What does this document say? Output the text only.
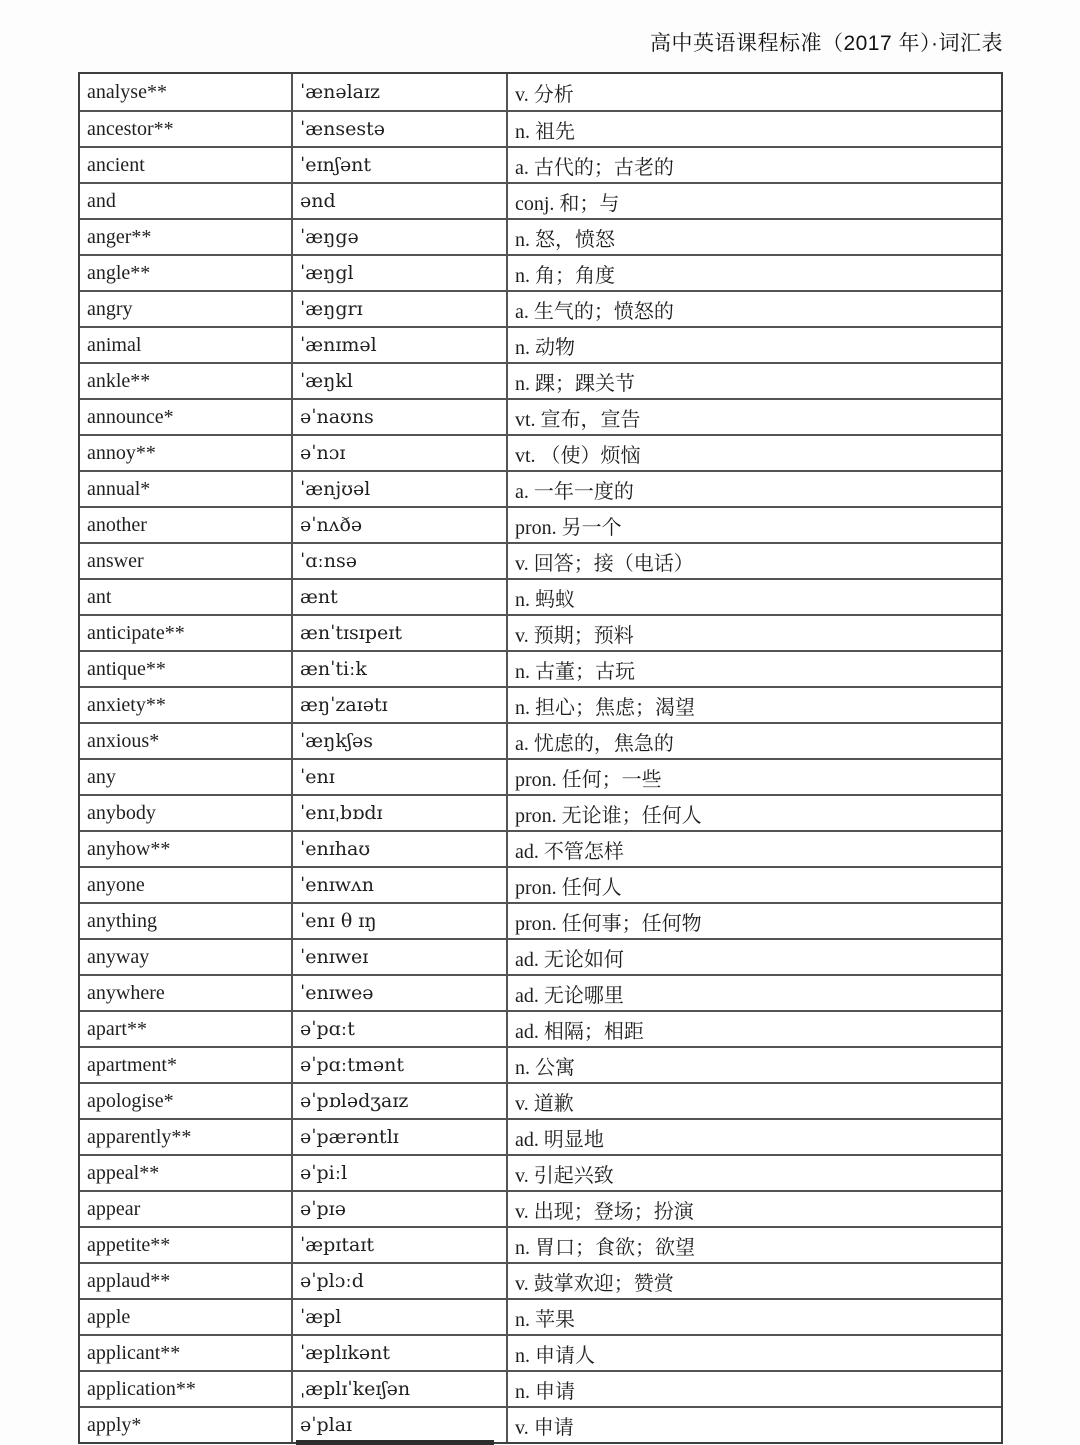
高中英语课程标准（2017 年）·词汇表
analyse**	ˈænəlaɪz	v. 分析
ancestor**	ˈænsestə	n. 祖先
ancient	ˈeɪnʃənt	a. 古代的；古老的
and	ənd	conj. 和；与
anger**	ˈæŋgə	n. 怒，愤怒
angle**	ˈæŋgl	n. 角；角度
angry	ˈæŋgrɪ	a. 生气的；愤怒的
animal	ˈænɪməl	n. 动物
ankle**	ˈæŋkl	n. 踝；踝关节
announce*	əˈnaʊns	vt. 宣布，宣告
annoy**	əˈnɔɪ	vt. （使）烦恼
annual*	ˈænjʊəl	a. 一年一度的
another	əˈnʌðə	pron. 另一个
answer	ˈɑːnsə	v. 回答；接（电话）
ant	ænt	n. 蚂蚁
anticipate**	ænˈtɪsɪpeɪt	v. 预期；预料
antique**	ænˈtiːk	n. 古董；古玩
anxiety**	æŋˈzaɪətɪ	n. 担心；焦虑；渴望
anxious*	ˈæŋkʃəs	a. 忧虑的，焦急的
any	ˈenɪ	pron. 任何；一些
anybody	ˈenɪˌbɒdɪ	pron. 无论谁；任何人
anyhow**	ˈenɪhaʊ	ad. 不管怎样
anyone	ˈenɪwʌn	pron. 任何人
anything	ˈenɪ θ ɪŋ	pron. 任何事；任何物
anyway	ˈenɪweɪ	ad. 无论如何
anywhere	ˈenɪweə	ad. 无论哪里
apart**	əˈpɑːt	ad. 相隔；相距
apartment*	əˈpɑːtmənt	n. 公寓
apologise*	əˈpɒlədʒaɪz	v. 道歉
apparently**	əˈpærəntlɪ	ad. 明显地
appeal**	əˈpiːl	v. 引起兴致
appear	əˈpɪə	v. 出现；登场；扮演
appetite**	ˈæpɪtaɪt	n. 胃口；食欲；欲望
applaud**	əˈplɔːd	v. 鼓掌欢迎；赞赏
apple	ˈæpl	n. 苹果
applicant**	ˈæplɪkənt	n. 申请人
application**	ˌæplɪˈkeɪʃən	n. 申请
apply*	əˈplaɪ	v. 申请
